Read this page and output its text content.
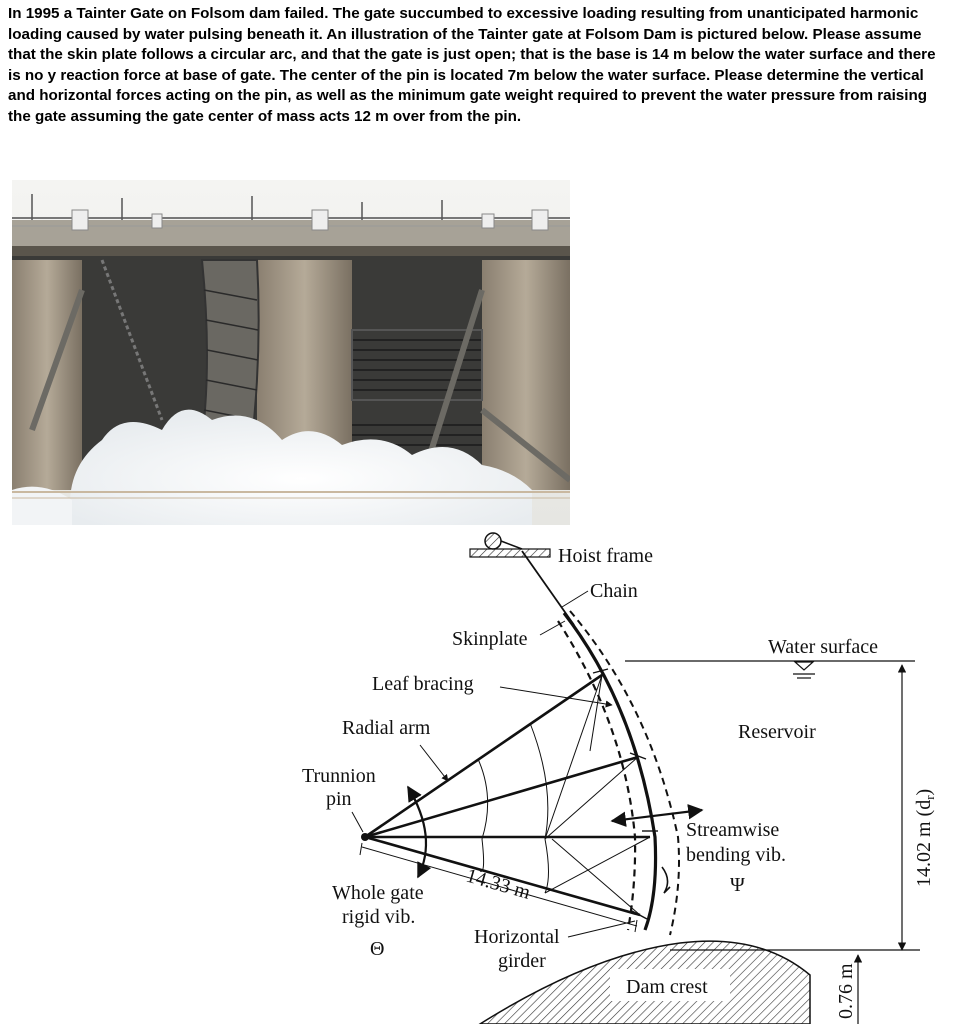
In 1995 a Tainter Gate on Folsom dam failed. The gate succumbed to excessive loading resulting from unanticipated harmonic loading caused by water pulsing beneath it. An illustration of the Tainter gate at Folsom Dam is pictured below. Please assume that the skin plate follows a circular arc, and that the gate is just open; that is the base is 14 m below the water surface and there is no y reaction force at base of gate. The center of the pin is located 7m below the water surface. Please determine the vertical and horizontal forces acting on the pin, as well as the minimum gate weight required to prevent the water pressure from raising the gate assuming the gate center of mass acts 12 m over from the pin.

Hoist frame
Chain
Water surface
Reservoir
Skinplate
Leaf bracing
Radial arm
Trunnion
pin
14.33 m
Streamwise
bending vib.
Ψ
Whole gate
rigid vib.
Θ
Horizontal
girder
Dam crest
14.02 m $(d_r)$
0.76 m
